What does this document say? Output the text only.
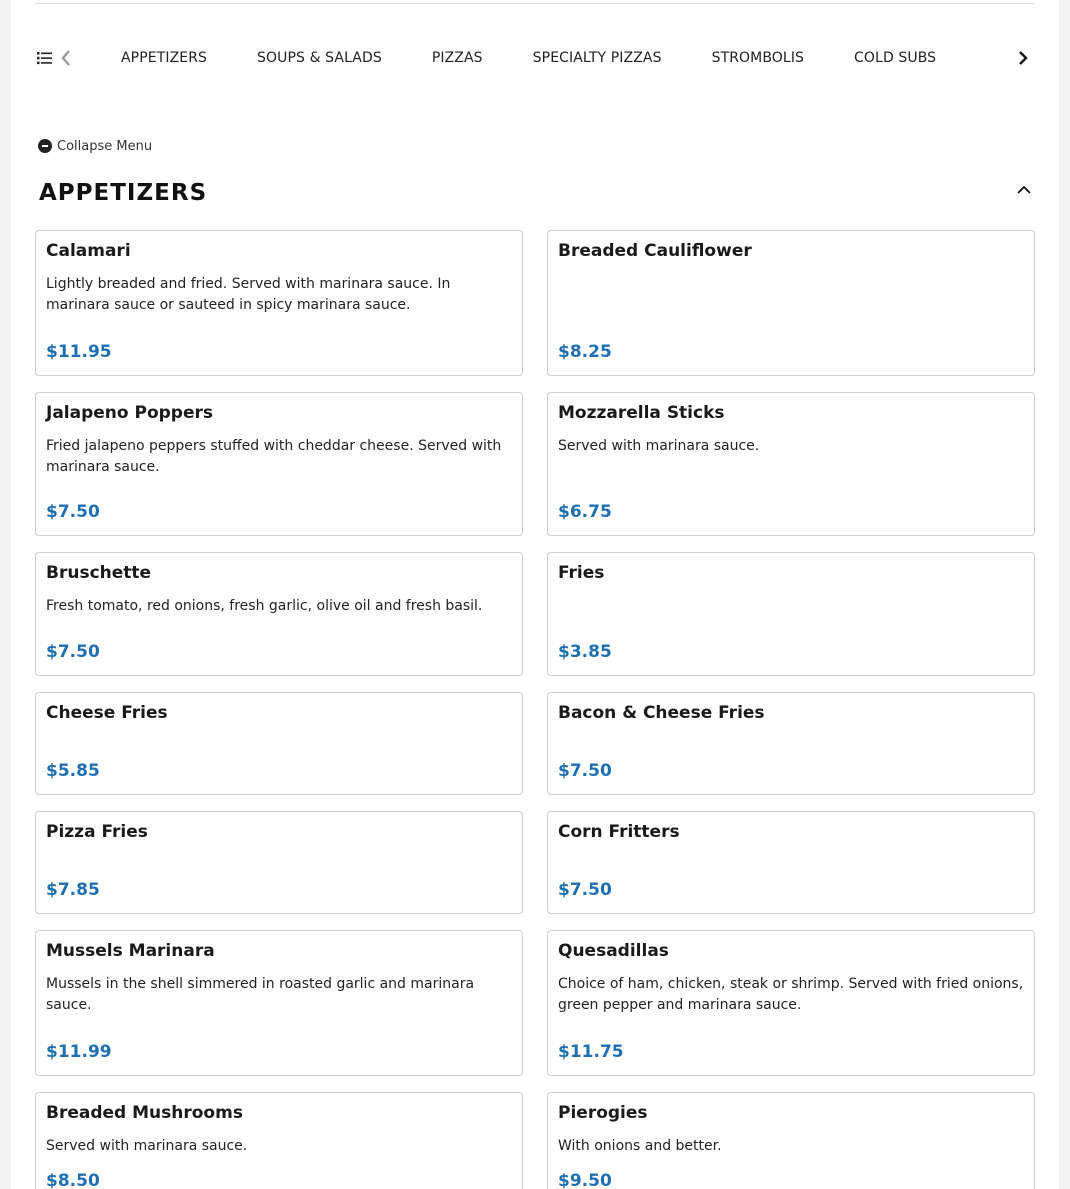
APPETIZERS	SOUPS & SALADS	PIZZAS	SPECIALTY PIZZAS	STROMBOLIS	COLD SUBS
Collapse Menu
APPETIZERS
Calamari
Lightly breaded and fried. Served with marinara sauce. In marinara sauce or sauteed in spicy marinara sauce.
$11.95
Breaded Cauliflower
$8.25
Jalapeno Poppers
Fried jalapeno peppers stuffed with cheddar cheese. Served with marinara sauce.
$7.50
Mozzarella Sticks
Served with marinara sauce.
$6.75
Bruschette
Fresh tomato, red onions, fresh garlic, olive oil and fresh basil.
$7.50
Fries
$3.85
Cheese Fries
$5.85
Bacon & Cheese Fries
$7.50
Pizza Fries
$7.85
Corn Fritters
$7.50
Mussels Marinara
Mussels in the shell simmered in roasted garlic and marinara sauce.
$11.99
Quesadillas
Choice of ham, chicken, steak or shrimp. Served with fried onions, green pepper and marinara sauce.
$11.75
Breaded Mushrooms
Served with marinara sauce.
$8.50
Pierogies
With onions and better.
$9.50
